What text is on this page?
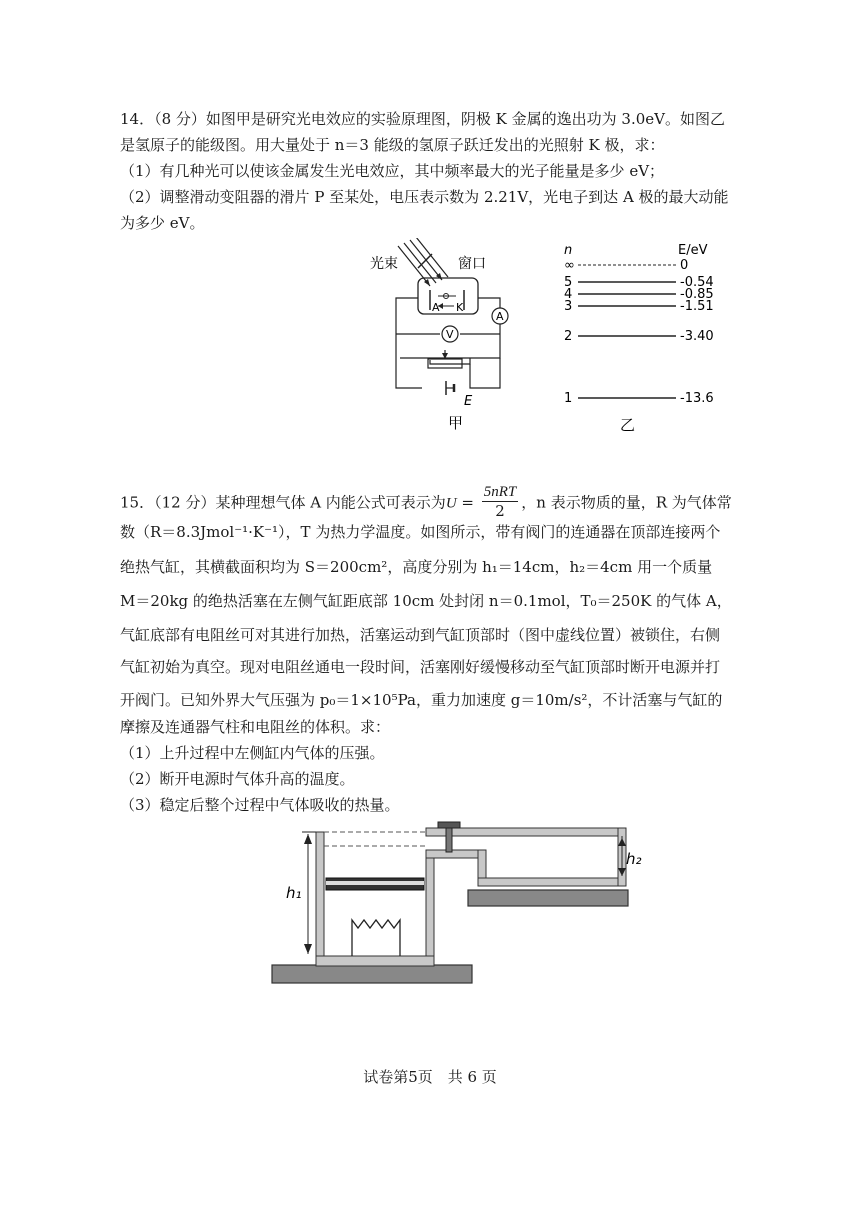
14．（8 分）如图甲是研究光电效应的实验原理图，阴极 K 金属的逸出功为 3.0eV。如图乙
是氢原子的能级图。用大量处于 n＝3 能级的氢原子跃迁发出的光照射 K 极，求：
（1）有几种光可以使该金属发生光电效应，其中频率最大的光子能量是多少 eV；
（2）调整滑动变阻器的滑片 P 至某处，电压表示数为 2.21V，光电子到达 A 极的最大动能
为多少 eV。
光束	窗口
A K
V
A
E
甲
n	E/eV
∞	0
5	-0.54
4	-0.85
3	-1.51
2	-3.40
1	-13.6
乙
15．（12 分）某种理想气体 A 内能公式可表示为U =
5nRT
2	，n 表示物质的量，R 为气体常
数（R＝8.3Jmol⁻¹·K⁻¹），T 为热力学温度。如图所示，带有阀门的连通器在顶部连接两个
绝热气缸，其横截面积均为 S＝200cm²，高度分别为 h₁＝14cm，h₂＝4cm 用一个质量
M＝20kg 的绝热活塞在左侧气缸距底部 10cm 处封闭 n＝0.1mol，T₀＝250K 的气体 A，
气缸底部有电阻丝可对其进行加热，活塞运动到气缸顶部时（图中虚线位置）被锁住，右侧
气缸初始为真空。现对电阻丝通电一段时间，活塞刚好缓慢移动至气缸顶部时断开电源并打
开阀门。已知外界大气压强为 p₀＝1×10⁵Pa，重力加速度 g＝10m/s²，不计活塞与气缸的
摩擦及连通器气柱和电阻丝的体积。求：
（1）上升过程中左侧缸内气体的压强。
（2）断开电源时气体升高的温度。
（3）稳定后整个过程中气体吸收的热量。
h₁
h₂
试卷第5页　共 6 页
